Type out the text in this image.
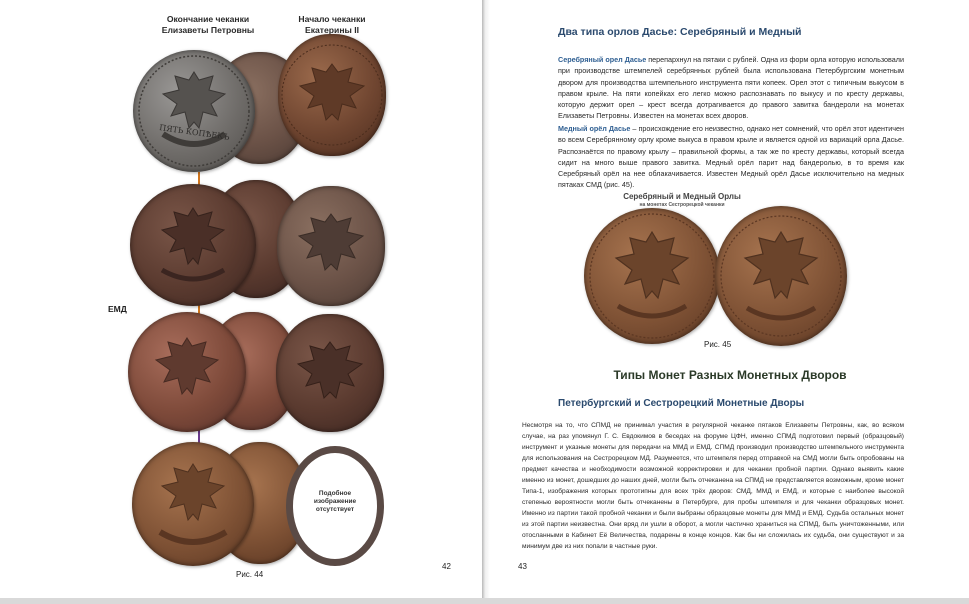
Окончание чеканки
Елизаветы Петровны
Начало чеканки
Екатерины II
ПЯТЬ КОПѢЕКЪ
ЕМД
Подобное изображение отсутствует
Рис. 44
42
Два типа орлов Дасье: Серебряный и Медный
Серебряный орел Дасье перепархнул на пятаки с рублей. Одна из форм орла которую использовали при производстве штемпелей серебрянных рублей была использована Петербургским монетным двором для производства штемпельного инструмента пяти копеек. Орел этот с типичным выкусом в правом крыле. На пяти копейках его легко можно распознавать по выкусу и по кресту державы, которую держит орел – крест всегда дотрагивается до правого завитка бандероли на монетах Елизаветы Петровны. Известен на монетах всех дворов.
Медный орёл Дасье – происхождение его неизвестно, однако нет сомнений, что орёл этот идентичен во всем Серебрянному орлу кроме выкуса в правом крыле и является одной из вариаций орла Дасье. Распознаётся по правому крылу – правильной формы, а так же по кресту державы, который всегда сидит на много выше правого завитка. Медный орёл парит над бандеролью, в то время как Серебряный орёл на нее облакачивается. Известен Медный орёл Дасье исключительно на медных пятаках СМД (рис. 45).
Серебряный и Медный Орлы
на монетах Сестрорецкой чеканки
Рис. 45
Типы Монет Разных Монетных Дворов
Петербургский и Сестрорецкий Монетные Дворы
Несмотря на то, что СПМД не принимал участия в регулярной чеканке пятаков Елизаветы Петровны, как, во всяком случае, на раз упомянул Г. С. Евдокимов в беседах на форуме ЦФН, именно СПМД подготовил первый (образцовый) инструмент и указные монеты для передачи на ММД и ЕМД. СПМД производил производство штемпельного инструмента для использования на Сестрорецком МД. Разумеется, что штемпеля перед отправкой на СМД могли быть опробованы на предмет качества и необходимости возможной корректировки и для чеканки пробной партии. Однако выявить какие именно из монет, дошедших до наших дней, могли быть отчеканена на СПМД не представляется возможным, кроме монет Типа-1, изображения которых прототипны для всех трёх дворов: СМД, ММД и ЕМД, и которые с наиболее высокой степенью вероятности могли быть отчеканены в Петербурге, для пробы штемпеля и для чеканки образцовых монет. Именно из партии такой пробной чеканки и были выбраны образцовые монеты для ММД и ЕМД. Судьба остальных монет из этой партии неизвестна. Они вряд ли ушли в оборот, а могли частично храниться на СПМД, быть уничтоженными, или отосланными в Кабинет Её Величества, подарены в конце концов. Как бы ни сложилась их судьба, они существуют и за минимум две из них попали в частные руки.
43
